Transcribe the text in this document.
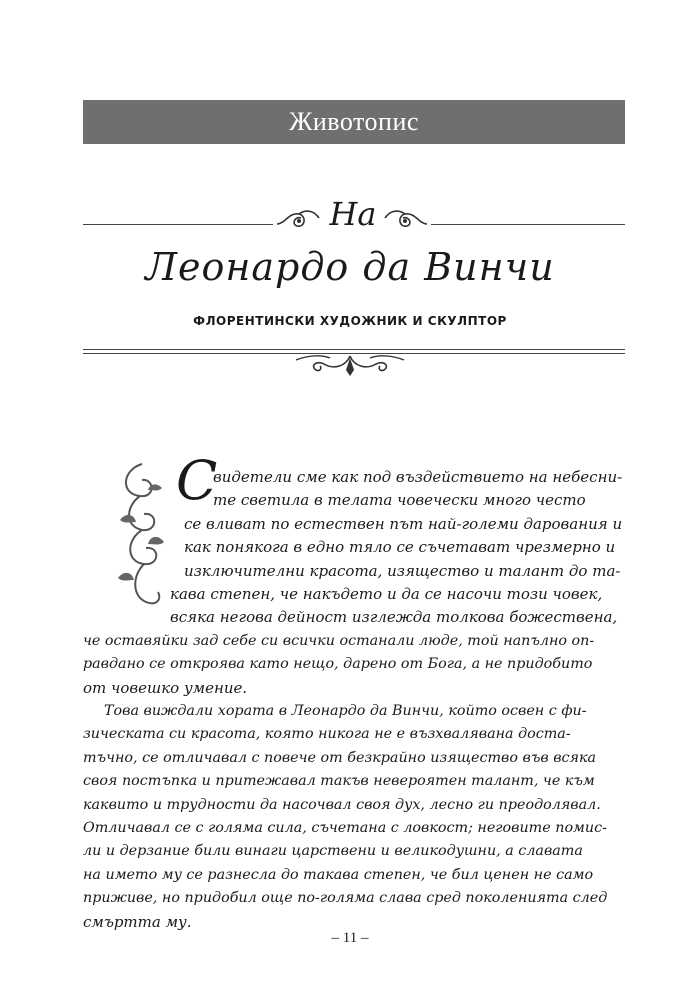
Животопис
На
Леонардо да Винчи
ФЛОРЕНТИНСКИ ХУДОЖНИК И СКУЛПТОР
С
видетели сме как под въздействието на небесни-
те светила в телата човечески много често
се вливат по естествен път най-големи дарования и
как понякога в едно тяло се съчетават чрезмерно и
изключителни красота, изящество и талант до та-
кава степен, че накъдето и да се насочи този човек,
всяка негова дейност изглежда толкова божествена,
че оставяйки зад себе си всички останали люде, той напълно оп-
равдано се откроява като нещо, дарено от Бога, а не придобито
от човешко умение.
Това виждали хората в Леонардо да Винчи, който освен с фи-
зическата си красота, която никога не е възхвалявана доста-
тъчно, се отличавал с повече от безкрайно изящество във всяка
своя постъпка и притежавал такъв невероятен талант, че към
каквито и трудности да насочвал своя дух, лесно ги преодолявал.
Отличавал се с голяма сила, съчетана с ловкост; неговите помис-
ли и дерзание били винаги царствени и великодушни, а славата
на името му се разнесла до такава степен, че бил ценен не само
приживе, но придобил още по-голяма слава сред поколенията след
смъртта му.
– 11 –
